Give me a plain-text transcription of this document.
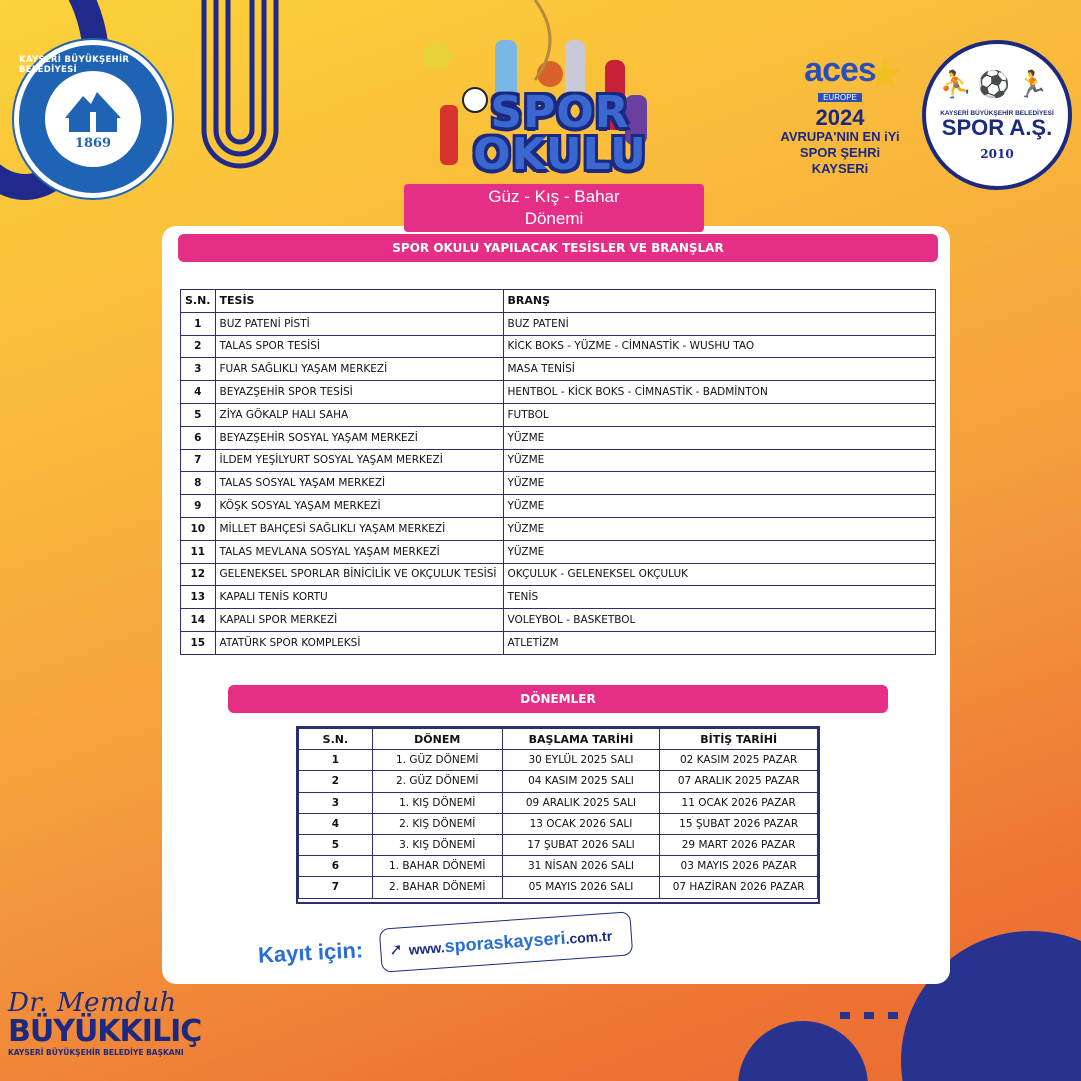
KAYSERİ BÜYÜKŞEHİR BELEDİYESİ
1869
SPOR
OKULU
★
aces
EUROPE
2024
AVRUPA'NIN EN iYi
SPOR ŞEHRi
KAYSERi
⛹⚽🏃
KAYSERİ BÜYÜKŞEHİR BELEDİYESİ
SPOR A.Ş.
2010
Güz - Kış - Bahar
Dönemi
SPOR OKULU YAPILACAK TESİSLER VE BRANŞLAR
S.N.	TESİS	BRANŞ
1	BUZ PATENİ PİSTİ	BUZ PATENİ
2	TALAS SPOR TESİSİ	KİCK BOKS - YÜZME - CİMNASTİK - WUSHU TAO
3	FUAR SAĞLIKLI YAŞAM MERKEZİ	MASA TENİSİ
4	BEYAZŞEHİR SPOR TESİSİ	HENTBOL - KİCK BOKS - CİMNASTİK - BADMİNTON
5	ZİYA GÖKALP HALI SAHA	FUTBOL
6	BEYAZŞEHİR SOSYAL YAŞAM MERKEZİ	YÜZME
7	İLDEM YEŞİLYURT SOSYAL YAŞAM MERKEZİ	YÜZME
8	TALAS SOSYAL YAŞAM MERKEZİ	YÜZME
9	KÖŞK SOSYAL YAŞAM MERKEZİ	YÜZME
10	MİLLET BAHÇESİ SAĞLIKLI YAŞAM MERKEZİ	YÜZME
11	TALAS MEVLANA SOSYAL YAŞAM MERKEZİ	YÜZME
12	GELENEKSEL SPORLAR BİNİCİLİK VE OKÇULUK TESİSİ	OKÇULUK - GELENEKSEL OKÇULUK
13	KAPALI TENİS KORTU	TENİS
14	KAPALI SPOR MERKEZİ	VOLEYBOL - BASKETBOL
15	ATATÜRK SPOR KOMPLEKSİ	ATLETİZM
DÖNEMLER
S.N.	DÖNEM	BAŞLAMA TARİHİ	BİTİŞ TARİHİ
1	1. GÜZ DÖNEMİ	30 EYLÜL 2025 SALI	02 KASIM 2025 PAZAR
2	2. GÜZ DÖNEMİ	04 KASIM 2025 SALI	07 ARALIK 2025 PAZAR
3	1. KIŞ DÖNEMİ	09 ARALIK 2025 SALI	11 OCAK 2026 PAZAR
4	2. KIŞ DÖNEMİ	13 OCAK 2026 SALI	15 ŞUBAT 2026 PAZAR
5	3. KIŞ DÖNEMİ	17 ŞUBAT 2026 SALI	29 MART 2026 PAZAR
6	1. BAHAR DÖNEMİ	31 NİSAN 2026 SALI	03 MAYIS 2026 PAZAR
7	2. BAHAR DÖNEMİ	05 MAYIS 2026 SALI	07 HAZİRAN 2026 PAZAR
Kayıt için: ➚ www.sporaskayseri.com.tr
Dr. Memduh
BÜYÜKKILIÇ
KAYSERİ BÜYÜKŞEHİR BELEDİYE BAŞKANI
